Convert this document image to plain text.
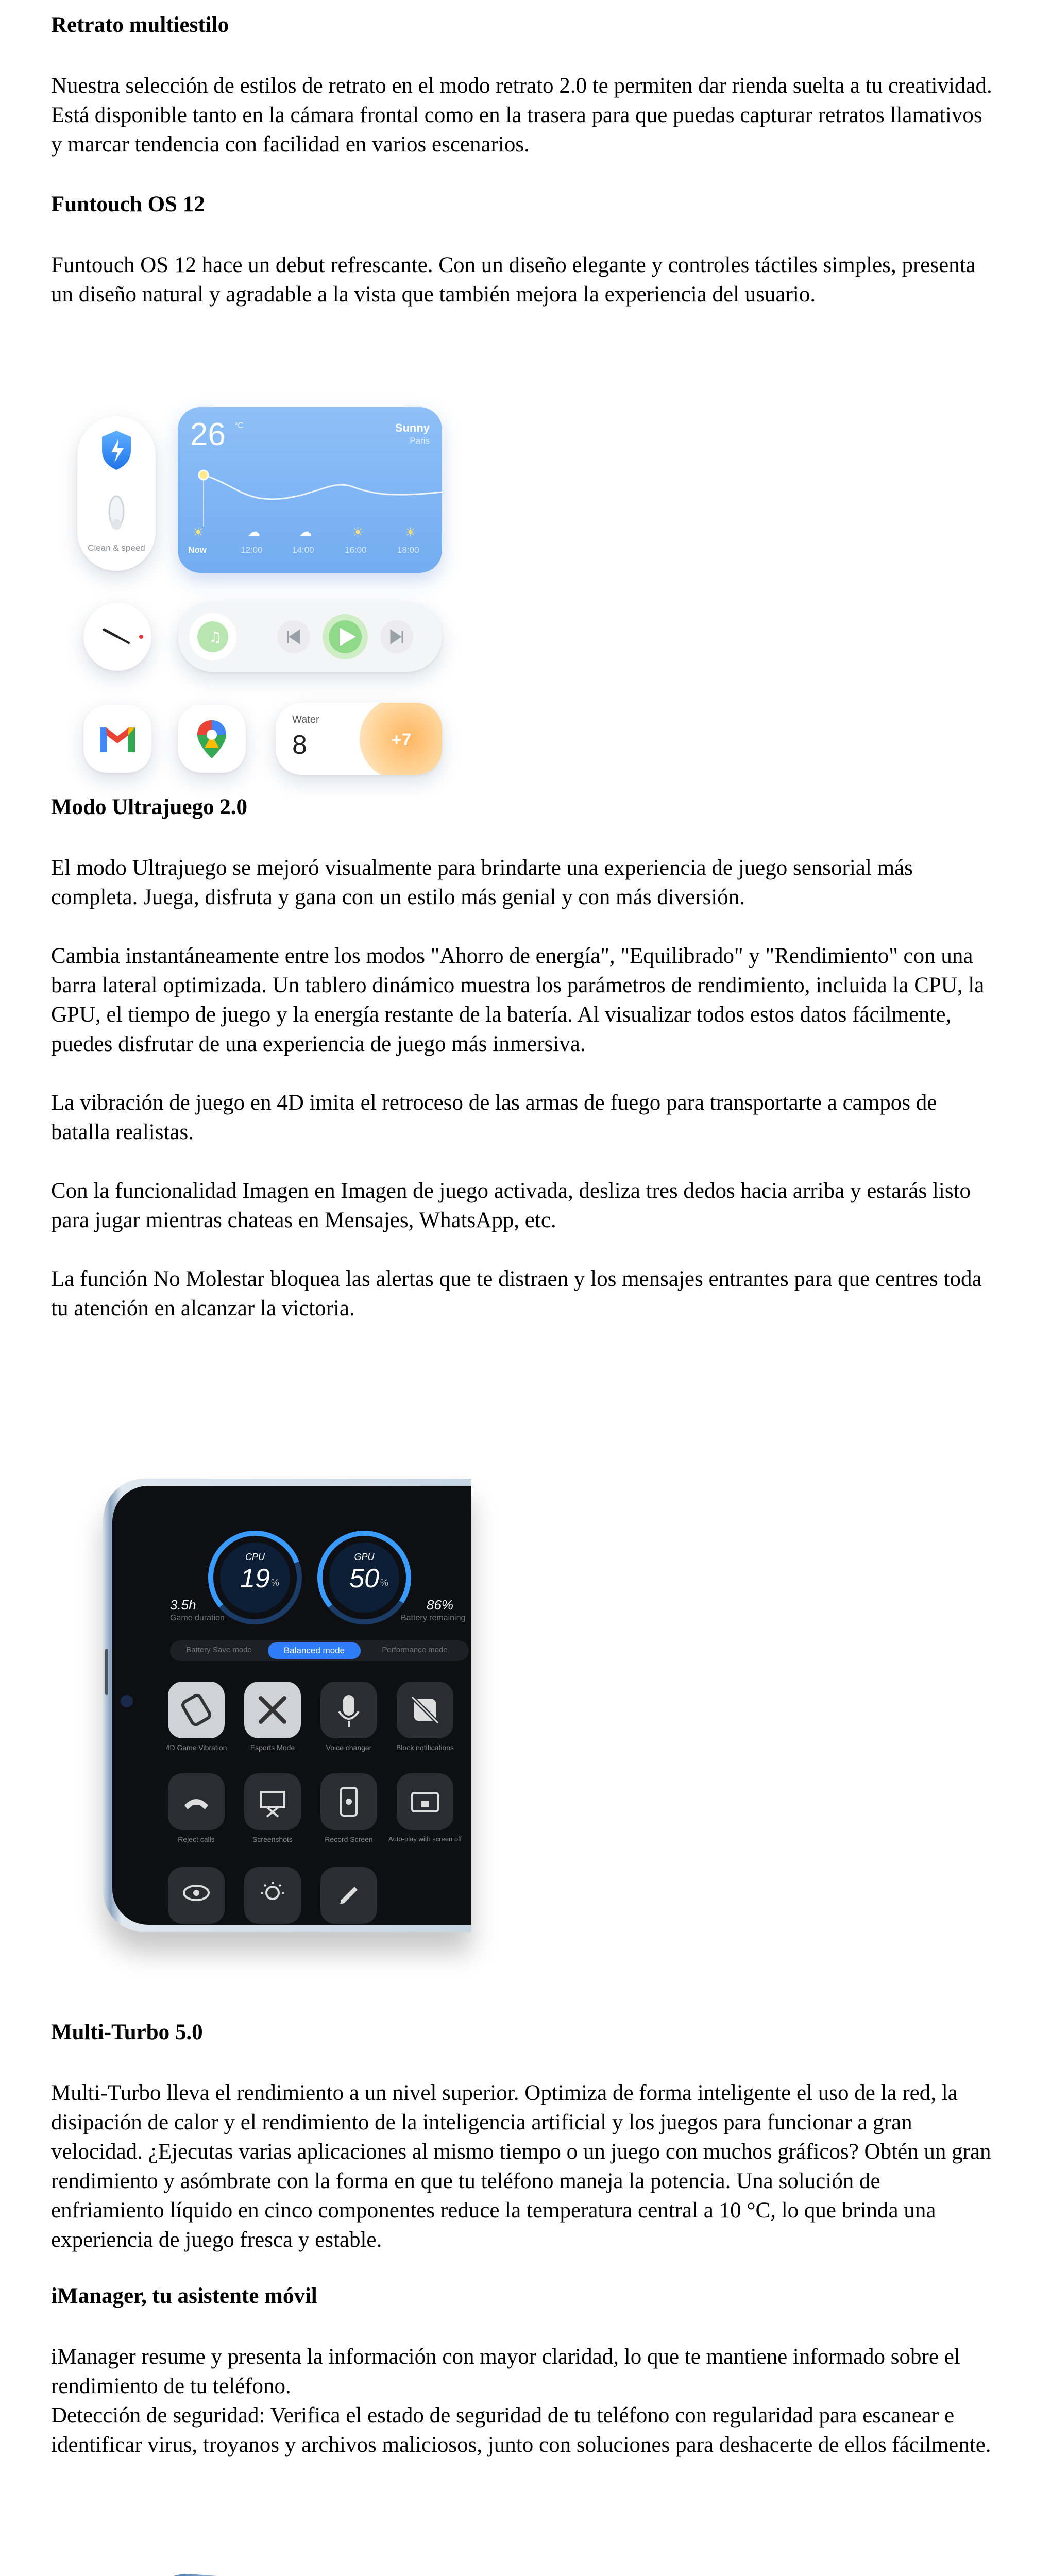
Retrato multiestilo

Nuestra selección de estilos de retrato en el modo retrato 2.0 te permiten dar rienda suelta a tu creatividad. Está disponible tanto en la cámara frontal como en la trasera para que puedas capturar retratos llamativos y marcar tendencia con facilidad en varios escenarios.

Funtouch OS 12

Funtouch OS 12 hace un debut refrescante. Con un diseño elegante y controles táctiles simples, presenta un diseño natural y agradable a la vista que también mejora la experiencia del usuario.

Clean & speed
26 °C	Sunny
Paris
☀	☁	☁	☀	☀
Now	12:00	14:00	16:00	18:00
♫
Water
8	+7
Modo Ultrajuego 2.0

El modo Ultrajuego se mejoró visualmente para brindarte una experiencia de juego sensorial más completa. Juega, disfruta y gana con un estilo más genial y con más diversión.

Cambia instantáneamente entre los modos "Ahorro de energía", "Equilibrado" y "Rendimiento" con una barra lateral optimizada. Un tablero dinámico muestra los parámetros de rendimiento, incluida la CPU, la GPU, el tiempo de juego y la energía restante de la batería. Al visualizar todos estos datos fácilmente, puedes disfrutar de una experiencia de juego más inmersiva.

La vibración de juego en 4D imita el retroceso de las armas de fuego para transportarte a campos de batalla realistas.

Con la funcionalidad Imagen en Imagen de juego activada, desliza tres dedos hacia arriba y estarás listo para jugar mientras chateas en Mensajes, WhatsApp, etc.

La función No Molestar bloquea las alertas que te distraen y los mensajes entrantes para que centres toda tu atención en alcanzar la victoria.

CPU
19 %
GPU
50 %
3.5h
Game duration
86%
Battery remaining
Battery Save mode	Balanced mode	Performance mode
4D Game Vibration	Esports Mode	Voice changer	Block notifications
Reject calls	Screenshots	Record Screen	Auto-play with screen off
Multi-Turbo 5.0

Multi-Turbo lleva el rendimiento a un nivel superior. Optimiza de forma inteligente el uso de la red, la disipación de calor y el rendimiento de la inteligencia artificial y los juegos para funcionar a gran velocidad. ¿Ejecutas varias aplicaciones al mismo tiempo o un juego con muchos gráficos? Obtén un gran rendimiento y asómbrate con la forma en que tu teléfono maneja la potencia. Una solución de enfriamiento líquido en cinco componentes reduce la temperatura central a 10 °C, lo que brinda una experiencia de juego fresca y estable.

iManager, tu asistente móvil

iManager resume y presenta la información con mayor claridad, lo que te mantiene informado sobre el rendimiento de tu teléfono.

Detección de seguridad: Verifica el estado de seguridad de tu teléfono con regularidad para escanear e identificar virus, troyanos y archivos maliciosos, junto con soluciones para deshacerte de ellos fácilmente.
